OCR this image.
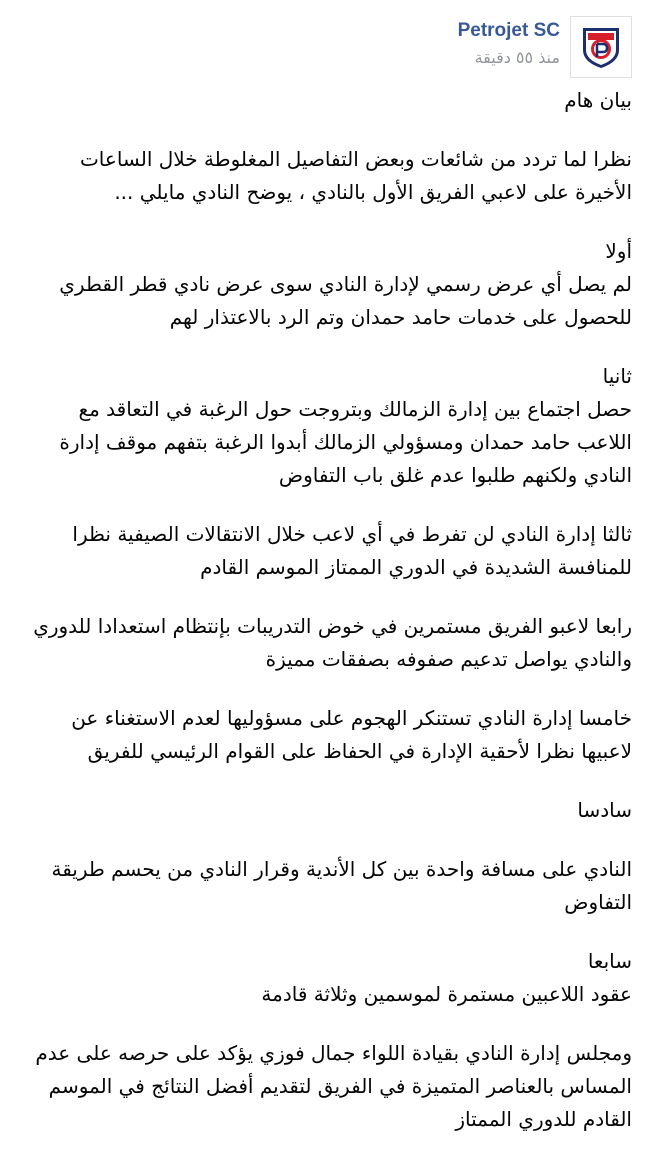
Petrojet SC
منذ ٥٥ دقيقة

بيان هام

نظرا لما تردد من شائعات وبعض التفاصيل المغلوطة خلال الساعات الأخيرة على لاعبي الفريق الأول بالنادي ، يوضح النادي مايلي ...

أولا
لم يصل أي عرض رسمي لإدارة النادي سوى عرض نادي قطر القطري للحصول على خدمات حامد حمدان وتم الرد بالاعتذار لهم

ثانيا
حصل اجتماع بين إدارة الزمالك وبتروجت حول الرغبة في التعاقد مع اللاعب حامد حمدان ومسؤولي الزمالك أبدوا الرغبة بتفهم موقف إدارة النادي ولكنهم طلبوا عدم غلق باب التفاوض

ثالثا إدارة النادي لن تفرط في أي لاعب خلال الانتقالات الصيفية نظرا للمنافسة الشديدة في الدوري الممتاز الموسم القادم

رابعا لاعبو الفريق مستمرين في خوض التدريبات بإنتظام استعدادا للدوري والنادي يواصل تدعيم صفوفه بصفقات مميزة

خامسا إدارة النادي تستنكر الهجوم على مسؤوليها لعدم الاستغناء عن لاعبيها نظرا لأحقية الإدارة في الحفاظ على القوام الرئيسي للفريق

سادسا

النادي على مسافة واحدة بين كل الأندية وقرار النادي من يحسم طريقة التفاوض

سابعا
عقود اللاعبين مستمرة لموسمين وثلاثة قادمة

ومجلس إدارة النادي بقيادة اللواء جمال فوزي يؤكد على حرصه على عدم المساس بالعناصر المتميزة في الفريق لتقديم أفضل النتائج في الموسم القادم للدوري الممتاز
